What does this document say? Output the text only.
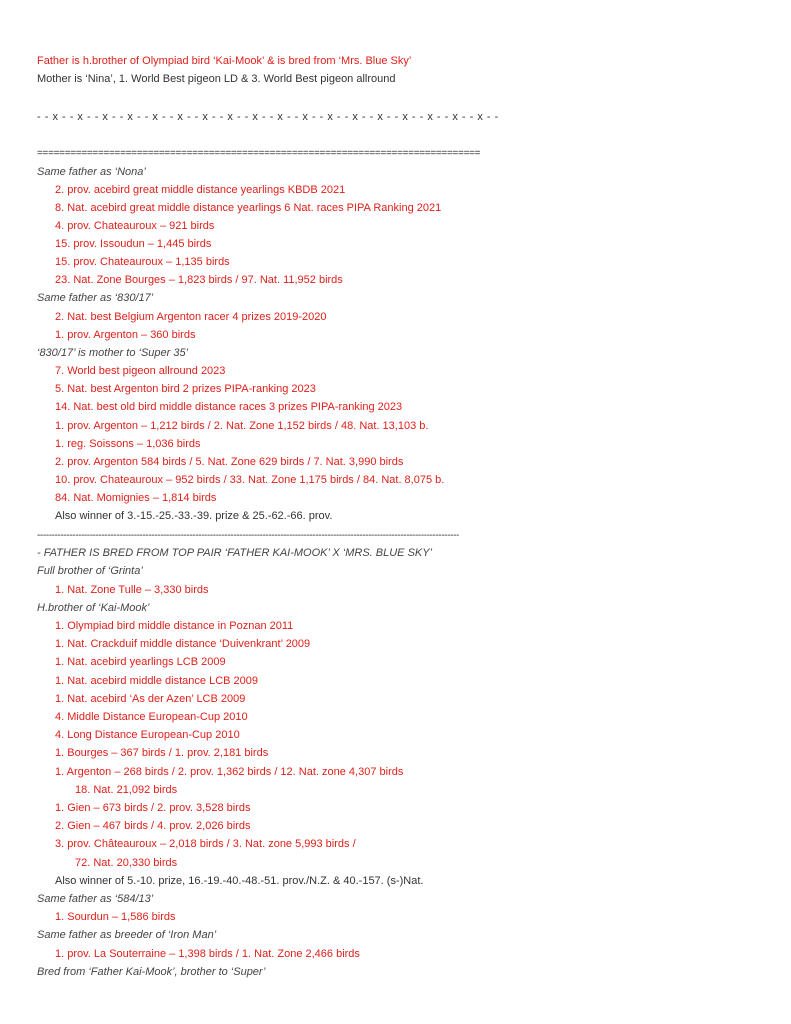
Father is h.brother of Olympiad bird ‘Kai-Mook’ & is bred from ‘Mrs. Blue Sky’
Mother is ‘Nina’, 1. World Best pigeon LD & 3. World Best pigeon allround
- - x - - x - - x - - x - - x - - x - - x - - x - - x - - x - - x - - x - - x - - x - - x - - x - - x - - x - -
================================================================================
Same father as ‘Nona’
2. prov. acebird great middle distance yearlings KBDB 2021
8. Nat. acebird great middle distance yearlings 6 Nat. races PIPA Ranking 2021
4. prov. Chateauroux – 921 birds
15. prov. Issoudun – 1,445 birds
15. prov. Chateauroux – 1,135 birds
23. Nat. Zone Bourges – 1,823 birds / 97. Nat. 11,952 birds
Same father as ‘830/17’
2. Nat. best Belgium Argenton racer 4 prizes 2019-2020
1. prov. Argenton – 360 birds
‘830/17’ is mother to ‘Super 35’
7. World best pigeon allround 2023
5. Nat. best Argenton bird 2 prizes PIPA-ranking 2023
14. Nat. best old bird middle distance races 3 prizes PIPA-ranking 2023
1. prov. Argenton – 1,212 birds / 2. Nat. Zone 1,152 birds / 48. Nat. 13,103 b.
1. reg. Soissons – 1,036 birds
2. prov. Argenton 584 birds / 5. Nat. Zone 629 birds / 7. Nat. 3,990 birds
10. prov. Chateauroux – 952 birds / 33. Nat. Zone 1,175 birds / 84. Nat. 8,075 b.
84. Nat. Momignies – 1,814 birds
Also winner of 3.-15.-25.-33.-39. prize & 25.-62.-66. prov.
------------------------------------------------------------------------------------------------------------------------------------------------
- FATHER IS BRED FROM TOP PAIR ‘FATHER KAI-MOOK’ X ‘MRS. BLUE SKY’
Full brother of ‘Grinta’
1. Nat. Zone Tulle – 3,330 birds
H.brother of ‘Kai-Mook’
1. Olympiad bird middle distance in Poznan 2011
1. Nat. Crackduif middle distance ‘Duivenkrant’ 2009
1. Nat. acebird yearlings LCB 2009
1. Nat. acebird middle distance LCB 2009
1. Nat. acebird ‘As der Azen’ LCB 2009
4. Middle Distance European-Cup 2010
4. Long Distance European-Cup 2010
1. Bourges – 367 birds / 1. prov. 2,181 birds
1. Argenton – 268 birds / 2. prov. 1,362 birds / 12. Nat. zone 4,307 birds
18. Nat. 21,092 birds
1. Gien – 673 birds / 2. prov. 3,528 birds
2. Gien – 467 birds / 4. prov. 2,026 birds
3. prov. Châteauroux – 2,018 birds / 3. Nat. zone 5,993 birds /
72. Nat. 20,330 birds
Also winner of 5.-10. prize, 16.-19.-40.-48.-51. prov./N.Z. & 40.-157. (s-)Nat.
Same father as ‘584/13’
1. Sourdun – 1,586 birds
Same father as breeder of ‘Iron Man’
1. prov. La Souterraine – 1,398 birds / 1. Nat. Zone 2,466 birds
Bred from ‘Father Kai-Mook’, brother to ‘Super’
